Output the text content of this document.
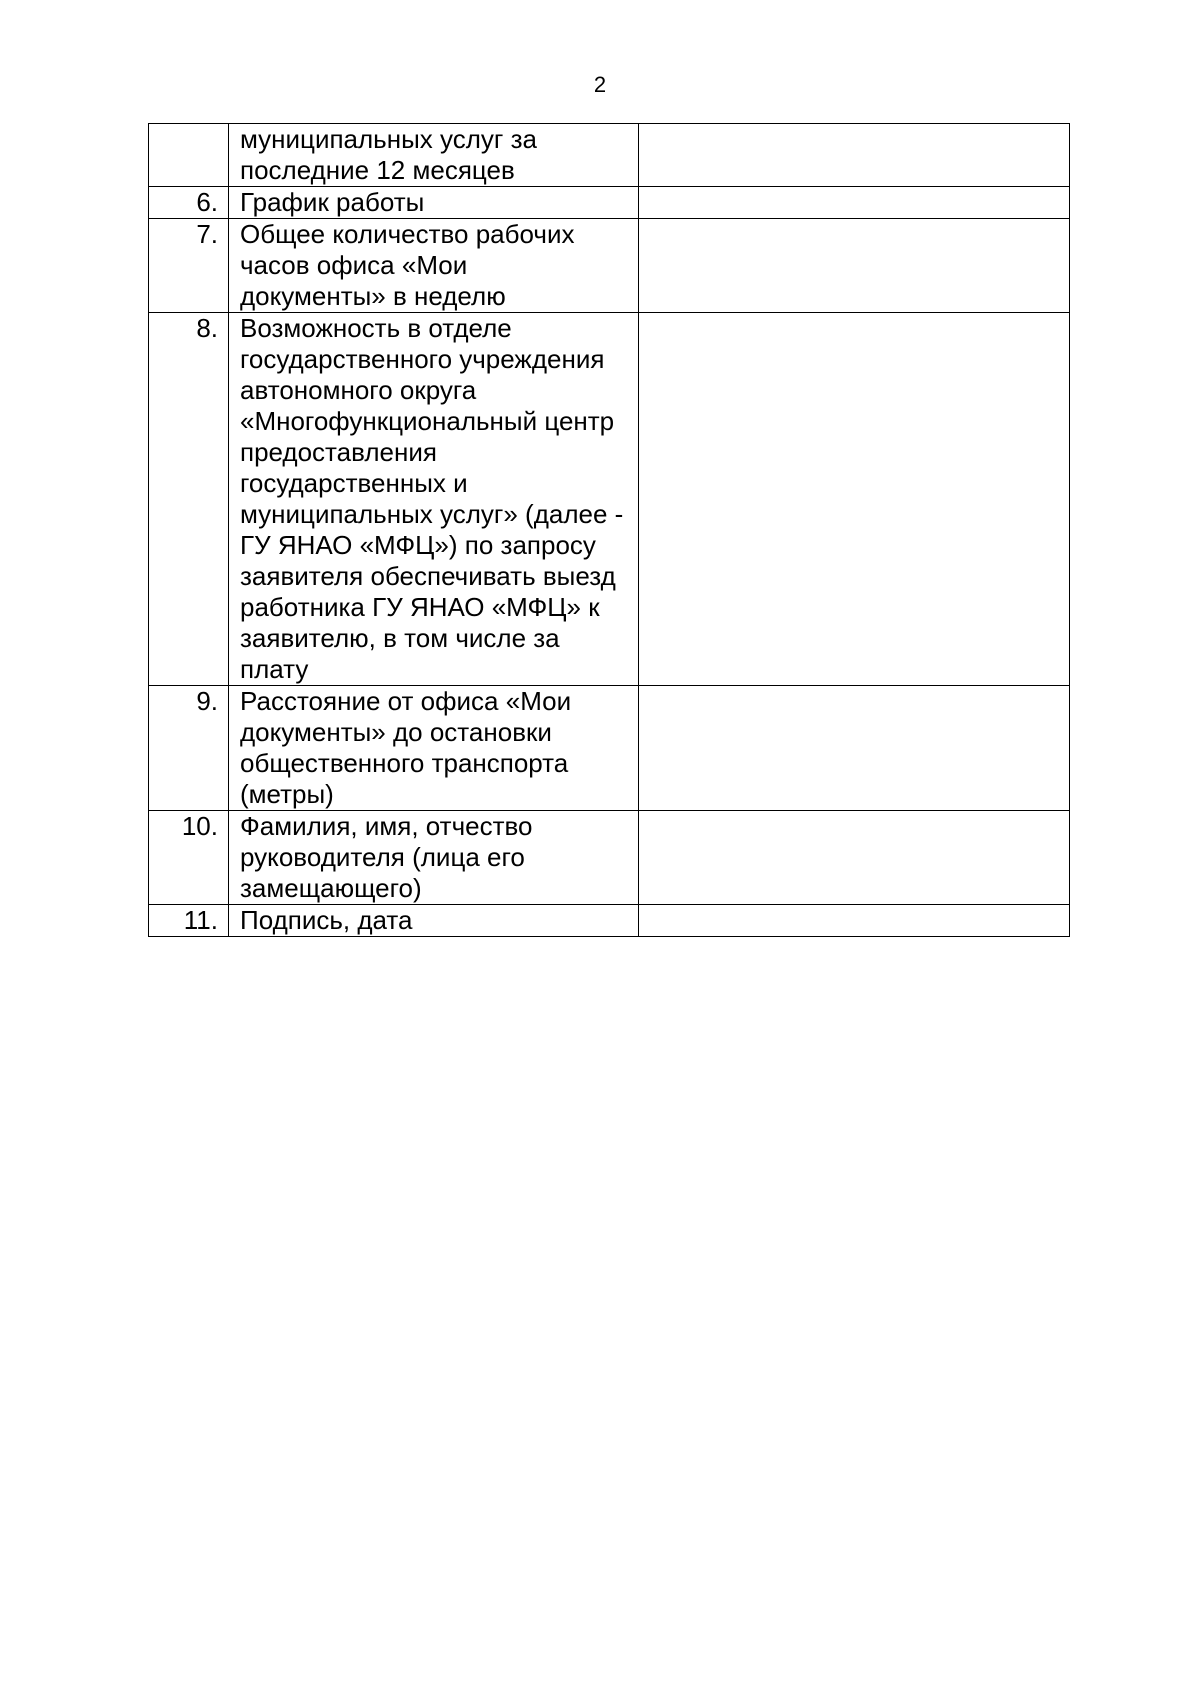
2

	муниципальных услуг за последние 12 месяцев	

6.	График работы	

7.	Общее количество рабочих часов офиса «Мои документы» в неделю	

8.	Возможность в отделе государственного учреждения автономного округа «Многофункциональный центр предоставления государственных и муниципальных услуг» (далее - ГУ ЯНАО «МФЦ») по запросу заявителя обеспечивать выезд работника ГУ ЯНАО «МФЦ» к заявителю, в том числе за плату	

9.	Расстояние от офиса «Мои документы» до остановки общественного транспорта (метры)	

10.	Фамилия, имя, отчество руководителя (лица его замещающего)	

11.	Подпись, дата	
